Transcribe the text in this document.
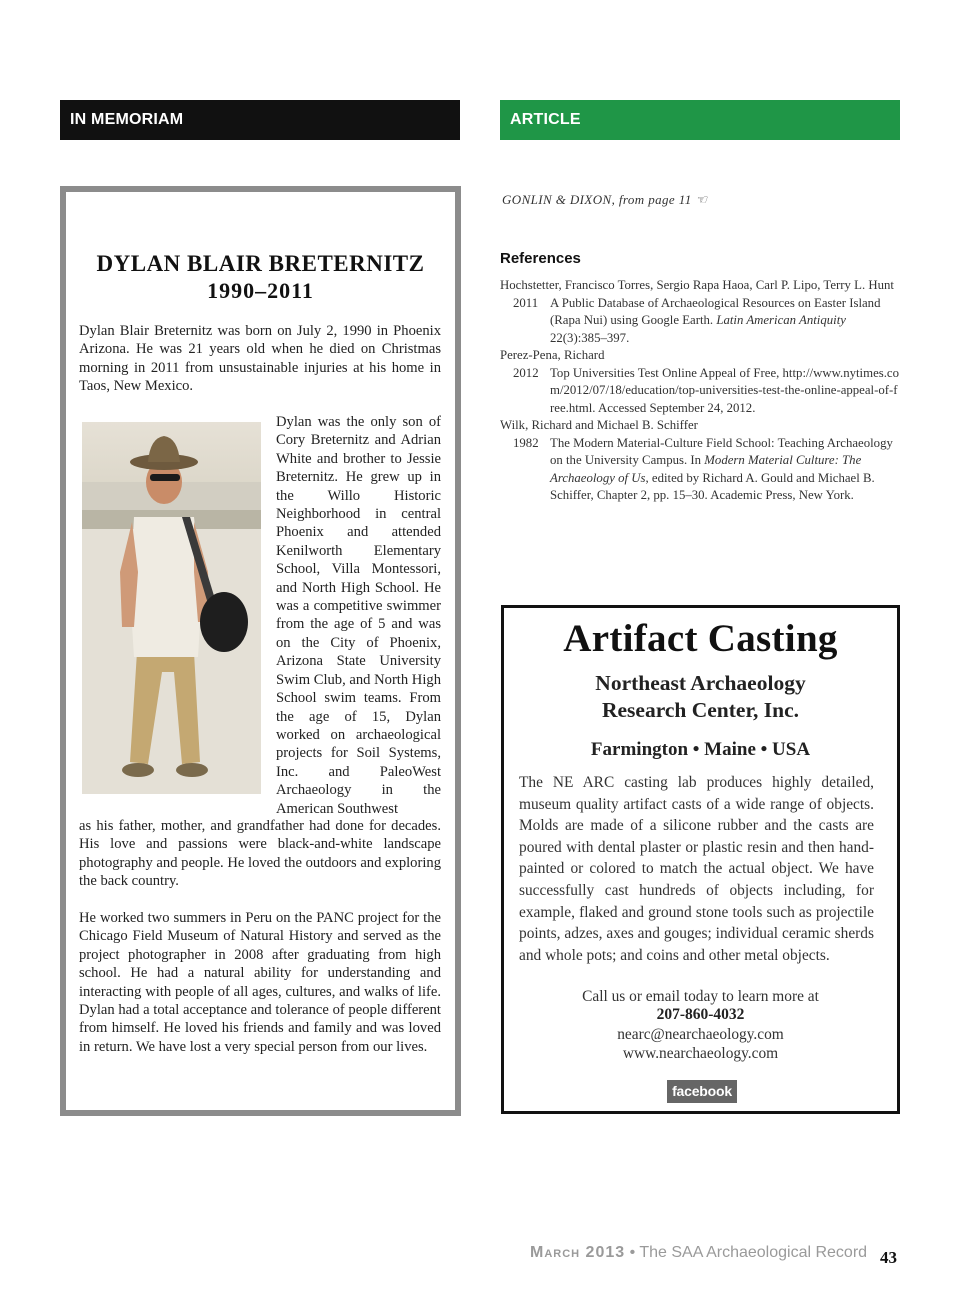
IN MEMORIAM	ARTICLE
DYLAN BLAIR BRETERNITZ
1990–2011
Dylan Blair Breternitz was born on July 2, 1990 in Phoenix Arizona. He was 21 years old when he died on Christmas morning in 2011 from unsustainable injuries at his home in Taos, New Mexico.
Dylan was the only son of Cory Breternitz and Adrian White and brother to Jessie Breternitz. He grew up in the Willo Historic Neighborhood in central Phoenix and attended Kenilworth Elementary School, Villa Montessori, and North High School. He was a competitive swimmer from the age of 5 and was on the City of Phoenix, Arizona State University Swim Club, and North High School swim teams. From the age of 15, Dylan worked on archaeological projects for Soil Systems, Inc. and PaleoWest Archaeology in the American Southwest
as his father, mother, and grandfather had done for decades. His love and passions were black-and-white landscape photography and people. He loved the outdoors and exploring the back country.
He worked two summers in Peru on the PANC project for the Chicago Field Museum of Natural History and served as the project photographer in 2008 after graduating from high school. He had a natural ability for understanding and interacting with people of all ages, cultures, and walks of life. Dylan had a total acceptance and tolerance of people different from himself. He loved his friends and family and was loved in return. We have lost a very special person from our lives.
GONLIN & DIXON, from page 11 ☜
References
Hochstetter, Francisco Torres, Sergio Rapa Haoa, Carl P. Lipo, Terry L. Hunt
2011 A Public Database of Archaeological Resources on Easter Island (Rapa Nui) using Google Earth. Latin American Antiquity 22(3):385–397.
Perez-Pena, Richard
2012 Top Universities Test Online Appeal of Free, http://www.nytimes.com/2012/07/18/education/top-universities-test-the-online-appeal-of-free.html. Accessed September 24, 2012.
Wilk, Richard and Michael B. Schiffer
1982 The Modern Material-Culture Field School: Teaching Archaeology on the University Campus. In Modern Material Culture: The Archaeology of Us, edited by Richard A. Gould and Michael B. Schiffer, Chapter 2, pp. 15–30. Academic Press, New York.
Artifact Casting
Northeast Archaeology
Research Center, Inc.
Farmington • Maine • USA
The NE ARC casting lab produces highly detailed, museum quality artifact casts of a wide range of objects. Molds are made of a silicone rubber and the casts are poured with dental plaster or plastic resin and then hand-painted or colored to match the actual object. We have successfully cast hundreds of objects including, for example, flaked and ground stone tools such as projectile points, adzes, axes and gouges; individual ceramic sherds and whole pots; and coins and other metal objects.
Call us or email today to learn more at
207-860-4032
nearc@nearchaeology.com
www.nearchaeology.com
facebook
March 2013 • The SAA Archaeological Record 43
